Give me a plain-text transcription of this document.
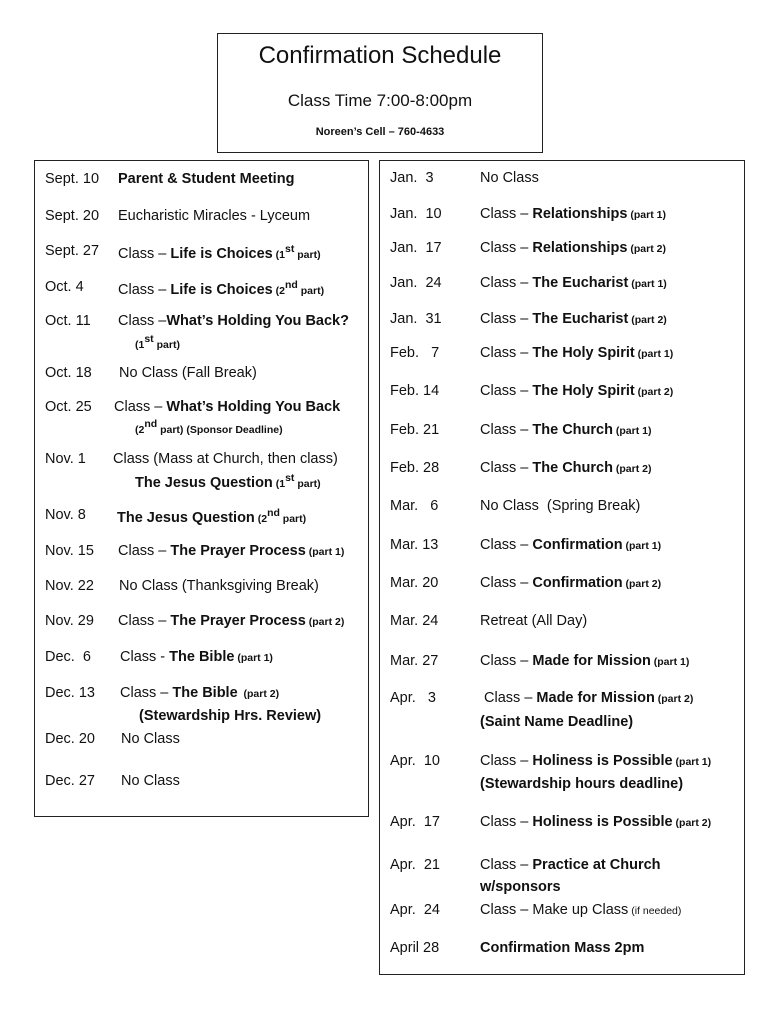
Confirmation Schedule
Class Time 7:00-8:00pm
Noreen’s Cell – 760-4633
Sept. 10 Parent & Student Meeting
Sept. 20 Eucharistic Miracles - Lyceum
Sept. 27 Class – Life is Choices (1st part)
Oct. 4 Class – Life is Choices (2nd part)
Oct. 11 Class –What’s Holding You Back?
(1st part)
Oct. 18 No Class (Fall Break)
Oct. 25 Class – What’s Holding You Back
(2nd part) (Sponsor Deadline)
Nov. 1 Class (Mass at Church, then class)
The Jesus Question (1st part)
Nov. 8 The Jesus Question (2nd part)
Nov. 15 Class – The Prayer Process (part 1)
Nov. 22 No Class (Thanksgiving Break)
Nov. 29 Class – The Prayer Process (part 2)
Dec.  6 Class - The Bible (part 1)
Dec. 13 Class – The Bible  (part 2)
(Stewardship Hrs. Review)
Dec. 20 No Class
Dec. 27 No Class
Jan.  3	No Class
Jan.  10	Class – Relationships (part 1)
Jan.  17	Class – Relationships (part 2)
Jan.  24	Class – The Eucharist (part 1)
Jan.  31	Class – The Eucharist (part 2)
Feb.   7	Class – The Holy Spirit (part 1)
Feb. 14	Class – The Holy Spirit (part 2)
Feb. 21	Class – The Church (part 1)
Feb. 28	Class – The Church (part 2)
Mar.   6	No Class  (Spring Break)
Mar. 13	Class – Confirmation (part 1)
Mar. 20	Class – Confirmation (part 2)
Mar. 24	Retreat (All Day)
Mar. 27	Class – Made for Mission (part 1)
Apr.   3	Class – Made for Mission (part 2)
(Saint Name Deadline)
Apr.  10	Class – Holiness is Possible (part 1)
(Stewardship hours deadline)
Apr.  17	Class – Holiness is Possible (part 2)
Apr.  21	Class – Practice at Church
w/sponsors
Apr.  24	Class – Make up Class (if needed)
April 28	Confirmation Mass 2pm
